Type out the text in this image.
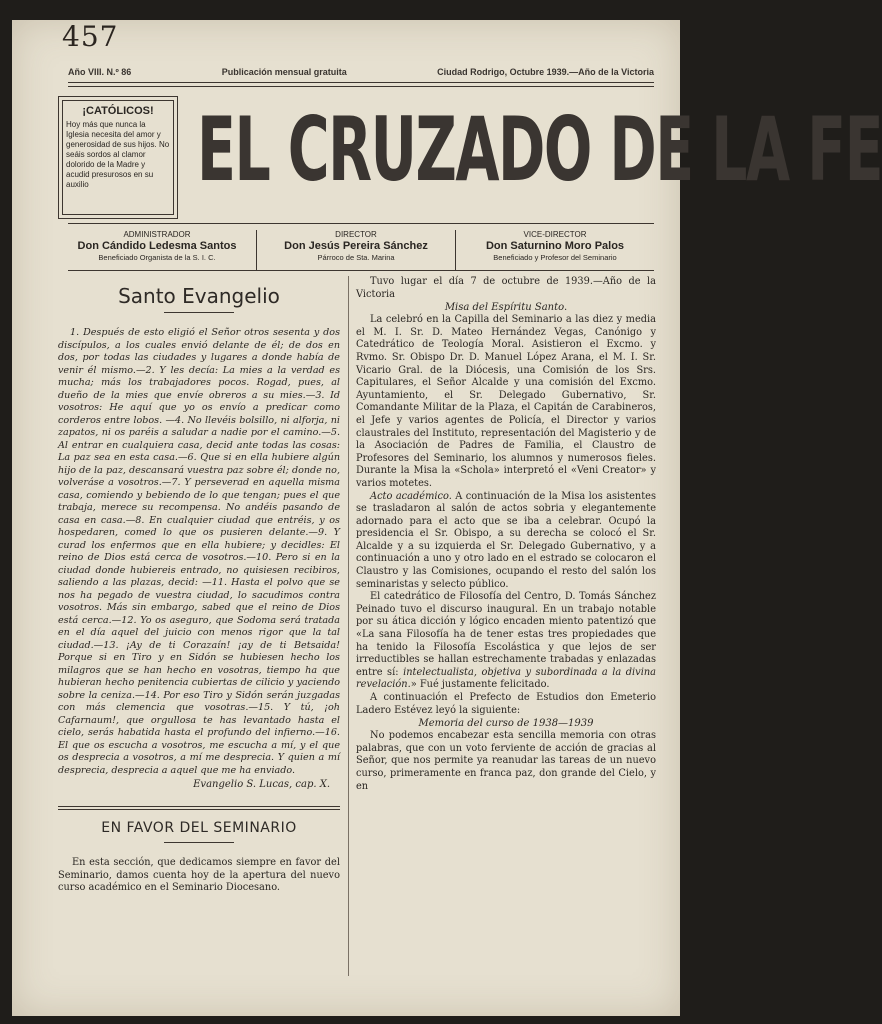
457
Año VIII. N.º 86	Publicación mensual gratuita	Ciudad Rodrigo, Octubre 1939.—Año de la Victoria
¡CATÓLICOS!
Hoy más que nunca la Iglesia necesita del amor y generosidad de sus hijos. No seáis sordos al clamor dolorido de la Madre y acudid presurosos en su auxilio	EL CRUZADO DE LA FE
ADMINISTRADOR
Don Cándido Ledesma Santos
Beneficiado Organista de la S. I. C.
DIRECTOR
Don Jesús Pereira Sánchez
Párroco de Sta. Marina
VICE-DIRECTOR
Don Saturnino Moro Palos
Beneficiado y Profesor del Seminario
Santo Evangelio

1. Después de esto eligió el Señor otros sesenta y dos discípulos, a los cuales envió delante de él; de dos en dos, por todas las ciudades y lugares a donde había de venir él mismo.—2. Y les decía: La mies a la verdad es mucha; más los trabajadores pocos. Rogad, pues, al dueño de la mies que envíe obreros a su mies.—3. Id vosotros: He aquí que yo os envío a predicar como corderos entre lobos. —4. No llevéis bolsillo, ni alforja, ni zapatos, ni os paréis a saludar a nadie por el camino.—5. Al entrar en cualquiera casa, decid ante todas las cosas: La paz sea en esta casa.—6. Que si en ella hubiere algún hijo de la paz, descansará vuestra paz sobre él; donde no, volveráse a vosotros.—7. Y perseverad en aquella misma casa, comiendo y bebiendo de lo que tengan; pues el que trabaja, merece su recompensa. No andéis pasando de casa en casa.—8. En cualquier ciudad que entréis, y os hospedaren, comed lo que os pusieren delante.—9. Y curad los enfermos que en ella hubiere; y decidles: El reino de Dios está cerca de vosotros.—10. Pero si en la ciudad donde hubiereis entrado, no quisiesen recibiros, saliendo a las plazas, decid: —11. Hasta el polvo que se nos ha pegado de vuestra ciudad, lo sacudimos contra vosotros. Más sin embargo, sabed que el reino de Dios está cerca.—12. Yo os aseguro, que Sodoma será tratada en el día aquel del juicio con menos rigor que la tal ciudad.—13. ¡Ay de ti Corazaín! ¡ay de ti Betsaida! Porque si en Tiro y en Sidón se hubiesen hecho los milagros que se han hecho en vosotras, tiempo ha que hubieran hecho penitencia cubiertas de cilicio y yaciendo sobre la ceniza.—14. Por eso Tiro y Sidón serán juzgadas con más clemencia que vosotras.—15. Y tú, ¡oh Cafarnaum!, que orgullosa te has levantado hasta el cielo, serás habatida hasta el profundo del infierno.—16. El que os escucha a vosotros, me escucha a mí, y el que os desprecia a vosotros, a mí me desprecia. Y quien a mí desprecia, desprecia a aquel que me ha enviado.

Evangelio S. Lucas, cap. X.
EN FAVOR DEL SEMINARIO

En esta sección, que dedicamos siempre en favor del Seminario, damos cuenta hoy de la apertura del nuevo curso académico en el Seminario Diocesano.

Tuvo lugar el día 7 de octubre de 1939.—Año de la Victoria

Misa del Espíritu Santo.

La celebró en la Capilla del Seminario a las diez y media el M. I. Sr. D. Mateo Hernández Vegas, Canónigo y Catedrático de Teología Moral. Asistieron el Excmo. y Rvmo. Sr. Obispo Dr. D. Manuel López Arana, el M. I. Sr. Vicario Gral. de la Diócesis, una Comisión de los Srs. Capitulares, el Señor Alcalde y una comisión del Excmo. Ayuntamiento, el Sr. Delegado Gubernativo, Sr. Comandante Militar de la Plaza, el Capitán de Carabineros, el Jefe y varios agentes de Policía, el Director y varios claustrales del Instituto, representación del Magisterio y de la Asociación de Padres de Familia, el Claustro de Profesores del Seminario, los alumnos y numerosos fieles. Durante la Misa la «Schola» interpretó el «Veni Creator» y varios motetes.

Acto académico. A continuación de la Misa los asistentes se trasladaron al salón de actos sobria y elegantemente adornado para el acto que se iba a celebrar. Ocupó la presidencia el Sr. Obispo, a su derecha se colocó el Sr. Alcalde y a su izquierda el Sr. Delegado Gubernativo, y a continuación a uno y otro lado en el estrado se colocaron el Claustro y las Comisiones, ocupando el resto del salón los seminaristas y selecto público.

El catedrático de Filosofía del Centro, D. Tomás Sánchez Peinado tuvo el discurso inaugural. En un trabajo notable por su ática dicción y lógico encaden miento patentizó que «La sana Filosofía ha de tener estas tres propiedades que ha tenido la Filosofía Escolástica y que lejos de ser irreductibles se hallan estrechamente trabadas y enlazadas entre sí: intelectualista, objetiva y subordinada a la divina revelación.» Fué justamente felicitado.

A continuación el Prefecto de Estudios don Emeterio Ladero Estévez leyó la siguiente:

Memoria del curso de 1938—1939

No podemos encabezar esta sencilla memoria con otras palabras, que con un voto ferviente de acción de gracias al Señor, que nos permite ya reanudar las tareas de un nuevo curso, primeramente en franca paz, don grande del Cielo, y en
